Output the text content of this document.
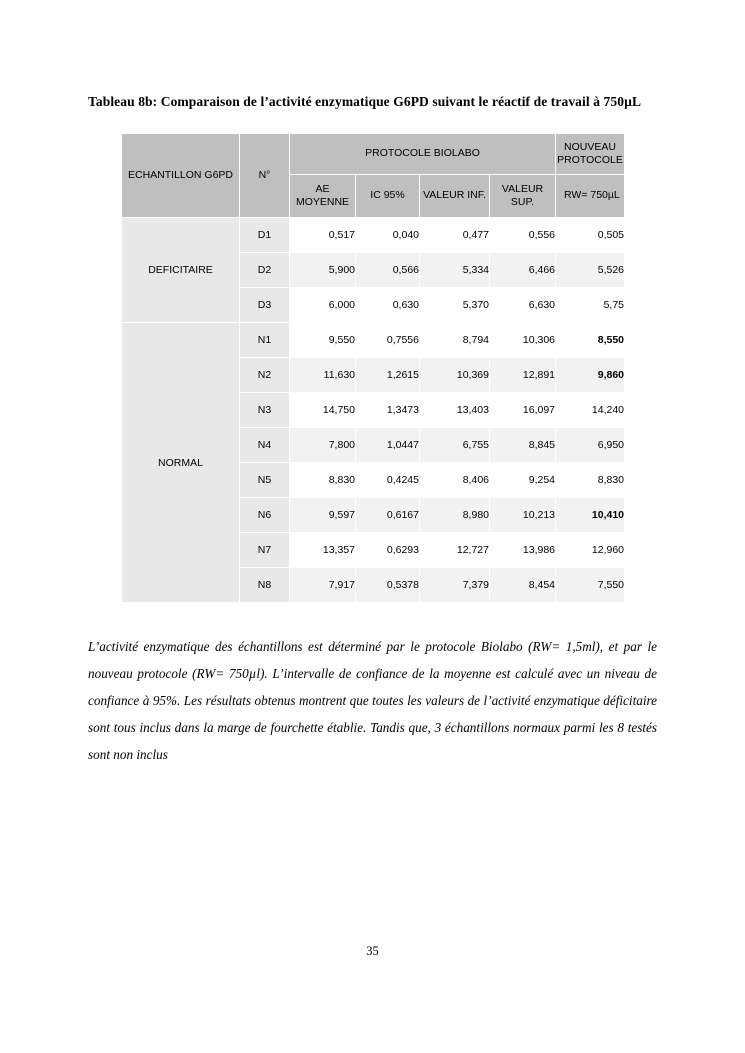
Tableau 8b: Comparaison de l’activité enzymatique G6PD suivant le réactif de travail à 750µL
ECHANTILLON G6PD	N°	PROTOCOLE BIOLABO				NOUVEAU PROTOCOLE
		AE MOYENNE	IC 95%	VALEUR INF.	VALEUR SUP.	RW= 750µL
DEFICITAIRE	D1	0,517	0,040	0,477	0,556	0,505
	D2	5,900	0,566	5,334	6,466	5,526
	D3	6,000	0,630	5,370	6,630	5,75
NORMAL	N1	9,550	0,7556	8,794	10,306	8,550
	N2	11,630	1,2615	10,369	12,891	9,860
	N3	14,750	1,3473	13,403	16,097	14,240
	N4	7,800	1,0447	6,755	8,845	6,950
	N5	8,830	0,4245	8,406	9,254	8,830
	N6	9,597	0,6167	8,980	10,213	10,410
	N7	13,357	0,6293	12,727	13,986	12,960
	N8	7,917	0,5378	7,379	8,454	7,550
L’activité enzymatique des échantillons est déterminé par le protocole Biolabo (RW= 1,5ml), et par le nouveau protocole (RW= 750µl). L’intervalle de confiance de la moyenne est calculé avec un niveau de confiance à 95%. Les résultats obtenus montrent que toutes les valeurs de l’activité enzymatique déficitaire sont tous inclus dans la marge de fourchette établie. Tandis que, 3 échantillons normaux parmi les 8 testés sont non inclus
35
